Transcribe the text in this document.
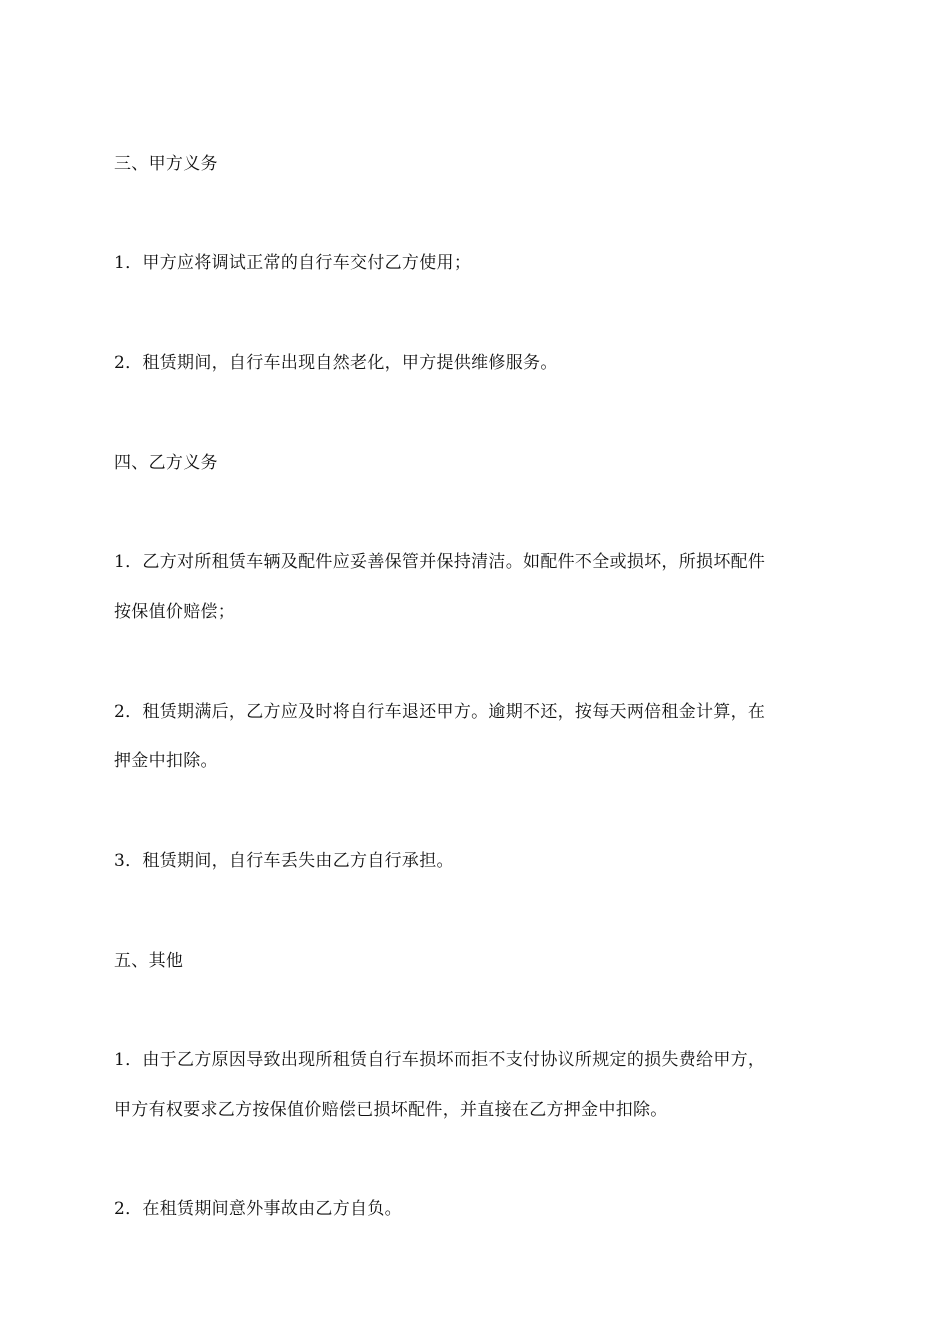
三、甲方义务
1．甲方应将调试正常的自行车交付乙方使用；
2．租赁期间，自行车出现自然老化，甲方提供维修服务。
四、乙方义务
1．乙方对所租赁车辆及配件应妥善保管并保持清洁。如配件不全或损坏，所损坏配件
按保值价赔偿；
2．租赁期满后，乙方应及时将自行车退还甲方。逾期不还，按每天两倍租金计算，在
押金中扣除。
3．租赁期间，自行车丢失由乙方自行承担。
五、其他
1．由于乙方原因导致出现所租赁自行车损坏而拒不支付协议所规定的损失费给甲方，
甲方有权要求乙方按保值价赔偿已损坏配件，并直接在乙方押金中扣除。
2．在租赁期间意外事故由乙方自负。
